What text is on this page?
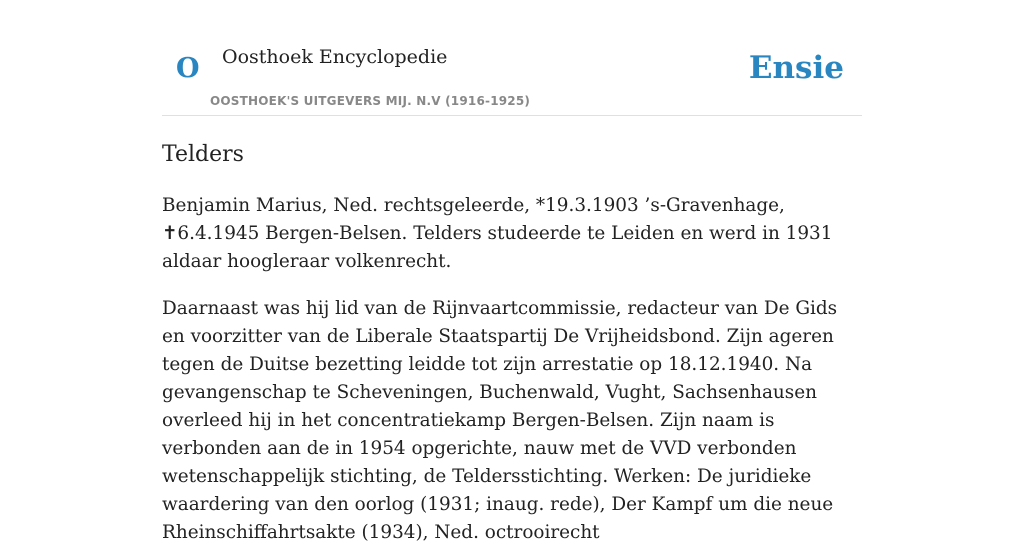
O Oosthoek Encyclopedie
OOSTHOEK'S UITGEVERS MIJ. N.V (1916-1925)
Ensie
Telders

Benjamin Marius, Ned. rechtsgeleerde, *19.3.1903 ’s-Gravenhage, ✝6.4.1945 Bergen-Belsen. Telders studeerde te Leiden en werd in 1931 aldaar hoogleraar volkenrecht.

Daarnaast was hij lid van de Rijnvaartcommissie, redacteur van De Gids en voorzitter van de Liberale Staatspartij De Vrijheidsbond. Zijn ageren tegen de Duitse bezetting leidde tot zijn arrestatie op 18.12.1940. Na gevangenschap te Scheveningen, Buchenwald, Vught, Sachsenhausen overleed hij in het concentratiekamp Bergen-Belsen. Zijn naam is verbonden aan de in 1954 opgerichte, nauw met de VVD verbonden wetenschappelijk stichting, de Teldersstichting. Werken: De juridieke waardering van den oorlog (1931; inaug. rede), Der Kampf um die neue Rheinschiffahrtsakte (1934), Ned. octrooirecht
